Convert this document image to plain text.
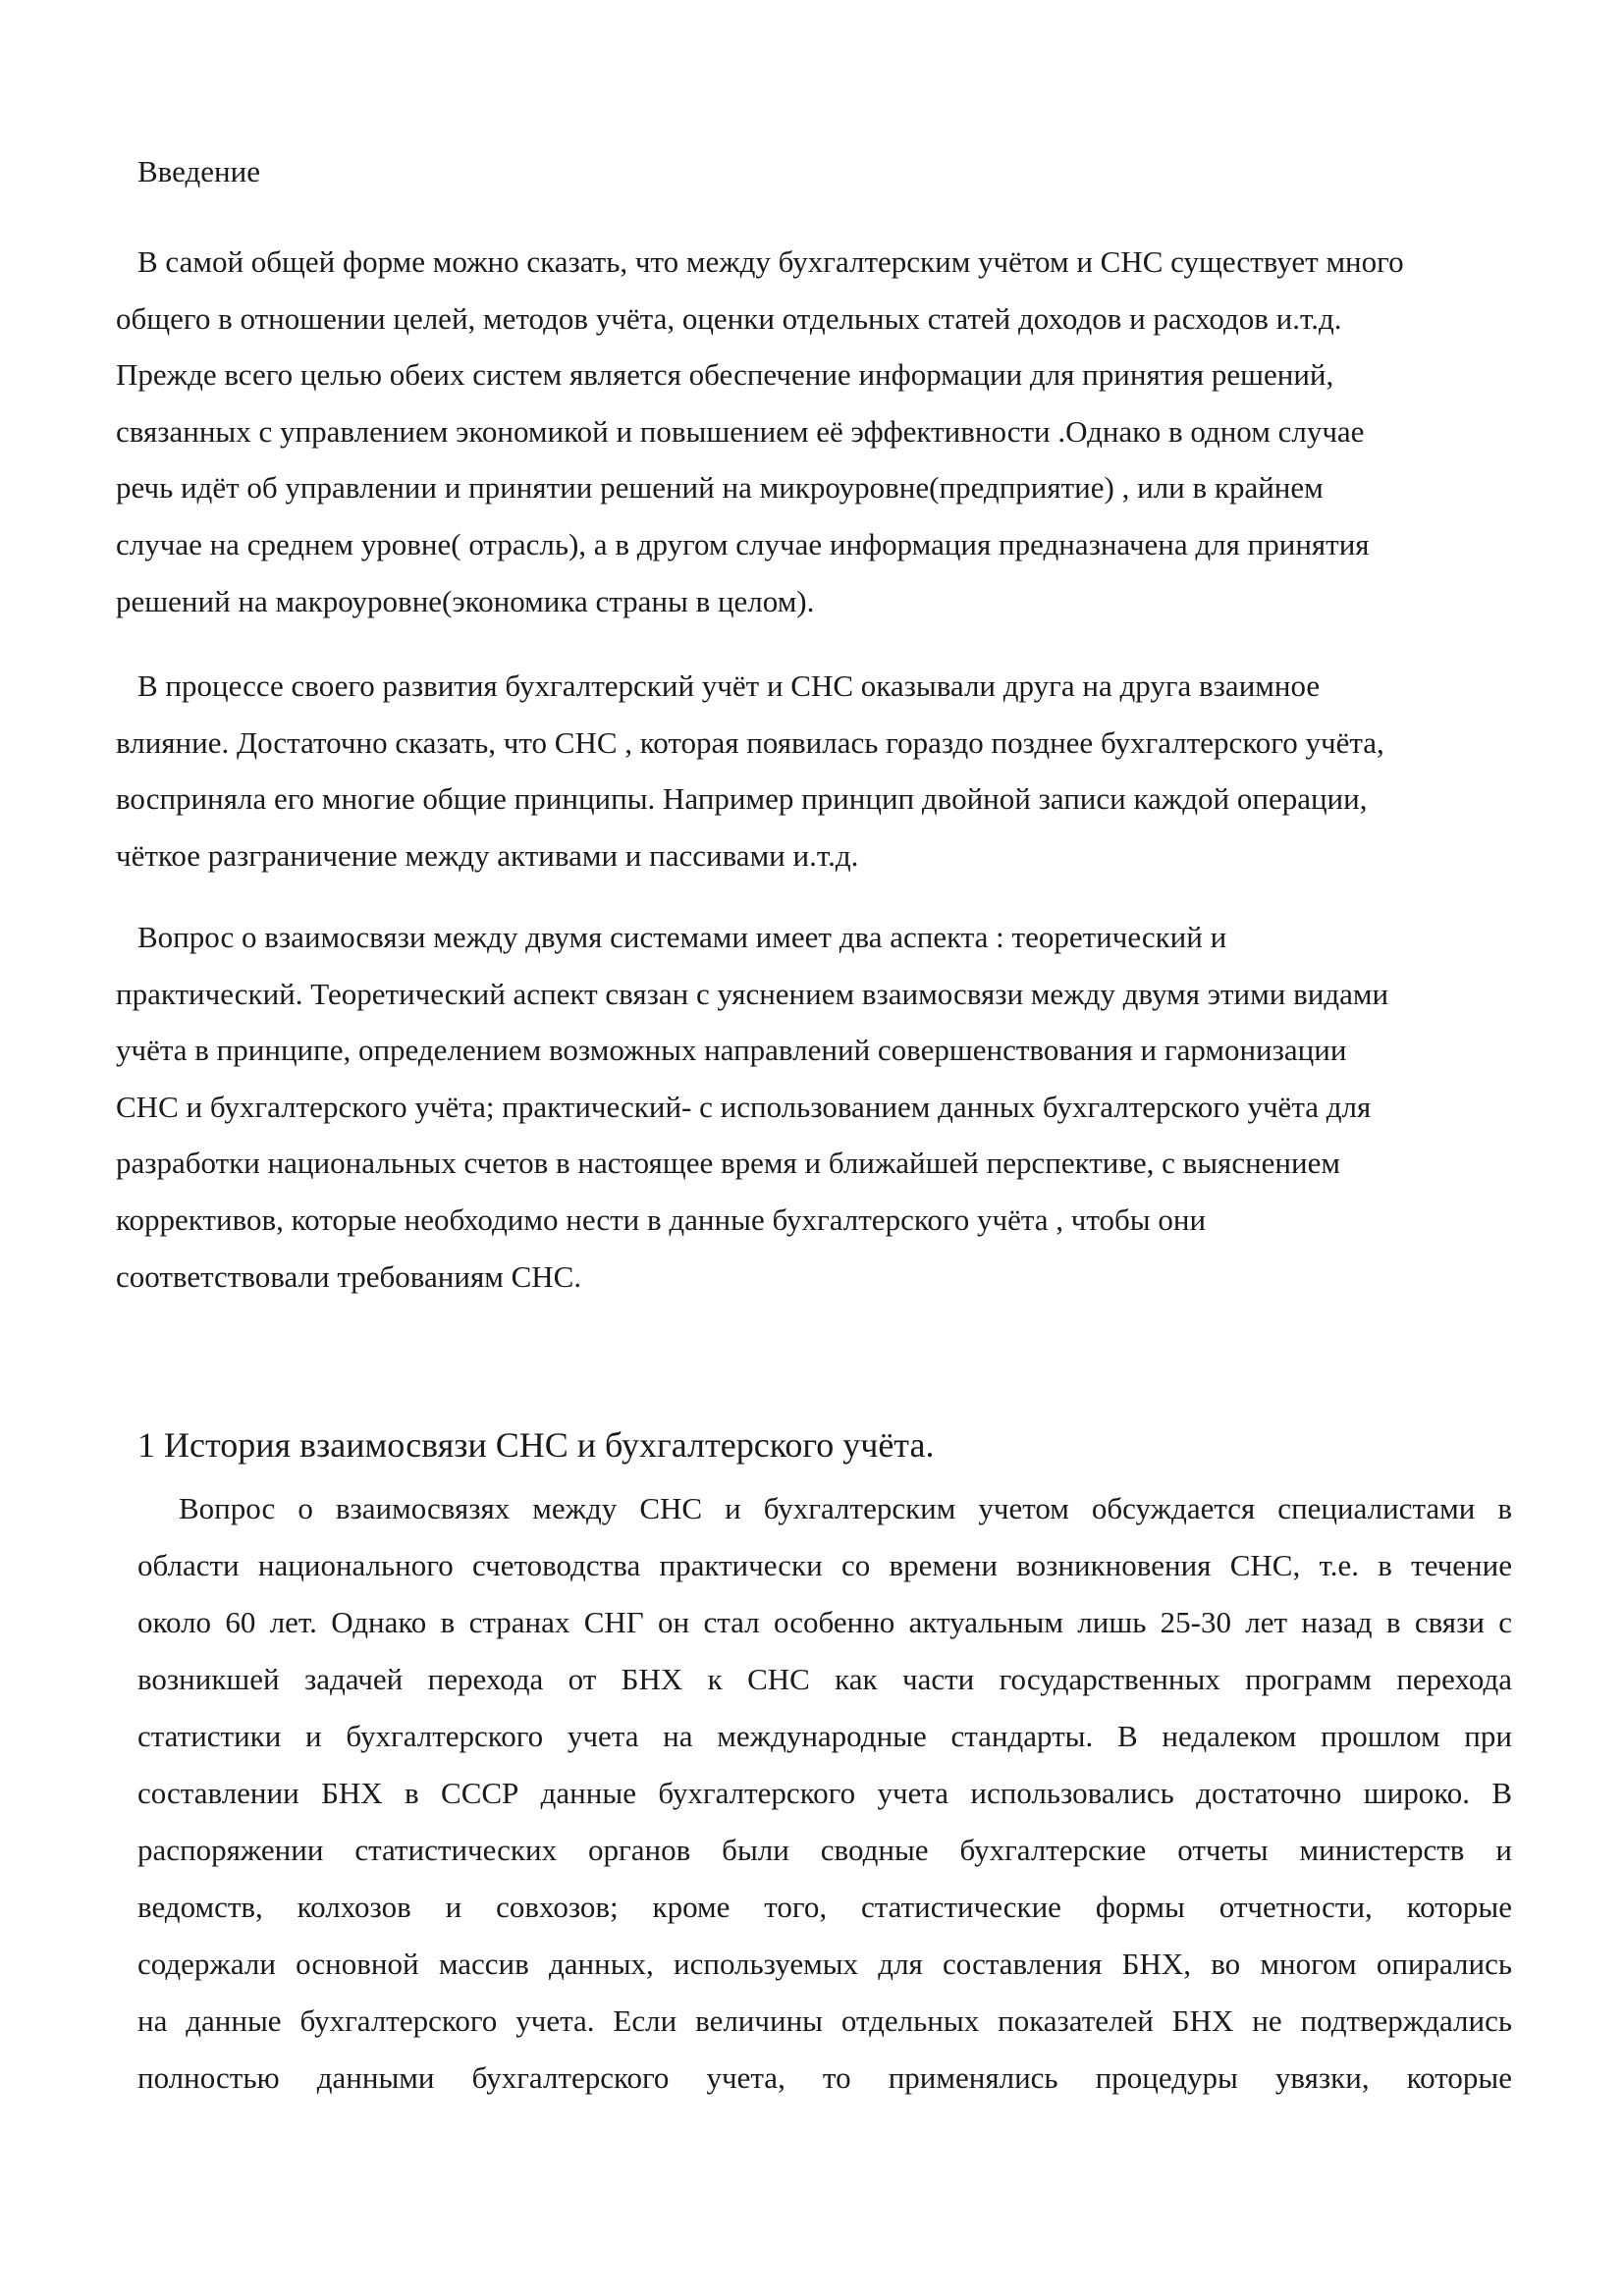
Введение

В самой общей форме можно сказать, что между бухгалтерским учётом и СНС существует много
общего в отношении целей, методов учёта, оценки отдельных статей доходов и расходов и.т.д.
Прежде всего целью обеих систем является обеспечение информации для принятия решений,
связанных с управлением экономикой и повышением её эффективности .Однако в одном случае
речь идёт об управлении и принятии решений на микроуровне(предприятие) , или в крайнем
случае на среднем уровне( отрасль), а в другом случае информация предназначена для принятия
решений на макроуровне(экономика страны в целом).

В процессе своего развития бухгалтерский учёт и СНС оказывали друга на друга взаимное
влияние. Достаточно сказать, что СНС , которая появилась гораздо позднее бухгалтерского учёта,
восприняла его многие общие принципы. Например принцип двойной записи каждой операции,
чёткое разграничение между активами и пассивами и.т.д.

Вопрос о взаимосвязи между двумя системами имеет два аспекта : теоретический и
практический. Теоретический аспект связан с уяснением взаимосвязи между двумя этими видами
учёта в принципе, определением возможных направлений совершенствования и гармонизации
СНС и бухгалтерского учёта; практический- с использованием данных бухгалтерского учёта для
разработки национальных счетов в настоящее время и ближайшей перспективе, с выяснением
коррективов, которые необходимо нести в данные бухгалтерского учёта , чтобы они
соответствовали требованиям СНС.

1 История взаимосвязи СНС и бухгалтерского учёта.

Вопрос о взаимосвязях между СНС и бухгалтерским учетом обсуждается специалистами в
области национального счетоводства практически со времени возникновения СНС, т.е. в течение
около 60 лет. Однако в странах СНГ он стал особенно актуальным лишь 25-30 лет назад в связи с
возникшей задачей перехода от БНХ к СНС как части государственных программ перехода
статистики и бухгалтерского учета на международные стандарты. В недалеком прошлом при
составлении БНХ в СССР данные бухгалтерского учета использовались достаточно широко. В
распоряжении статистических органов были сводные бухгалтерские отчеты министерств и
ведомств, колхозов и совхозов; кроме того, статистические формы отчетности, которые
содержали основной массив данных, используемых для составления БНХ, во многом опирались
на данные бухгалтерского учета. Если величины отдельных показателей БНХ не подтверждались
полностью данными бухгалтерского учета, то применялись процедуры увязки, которые
